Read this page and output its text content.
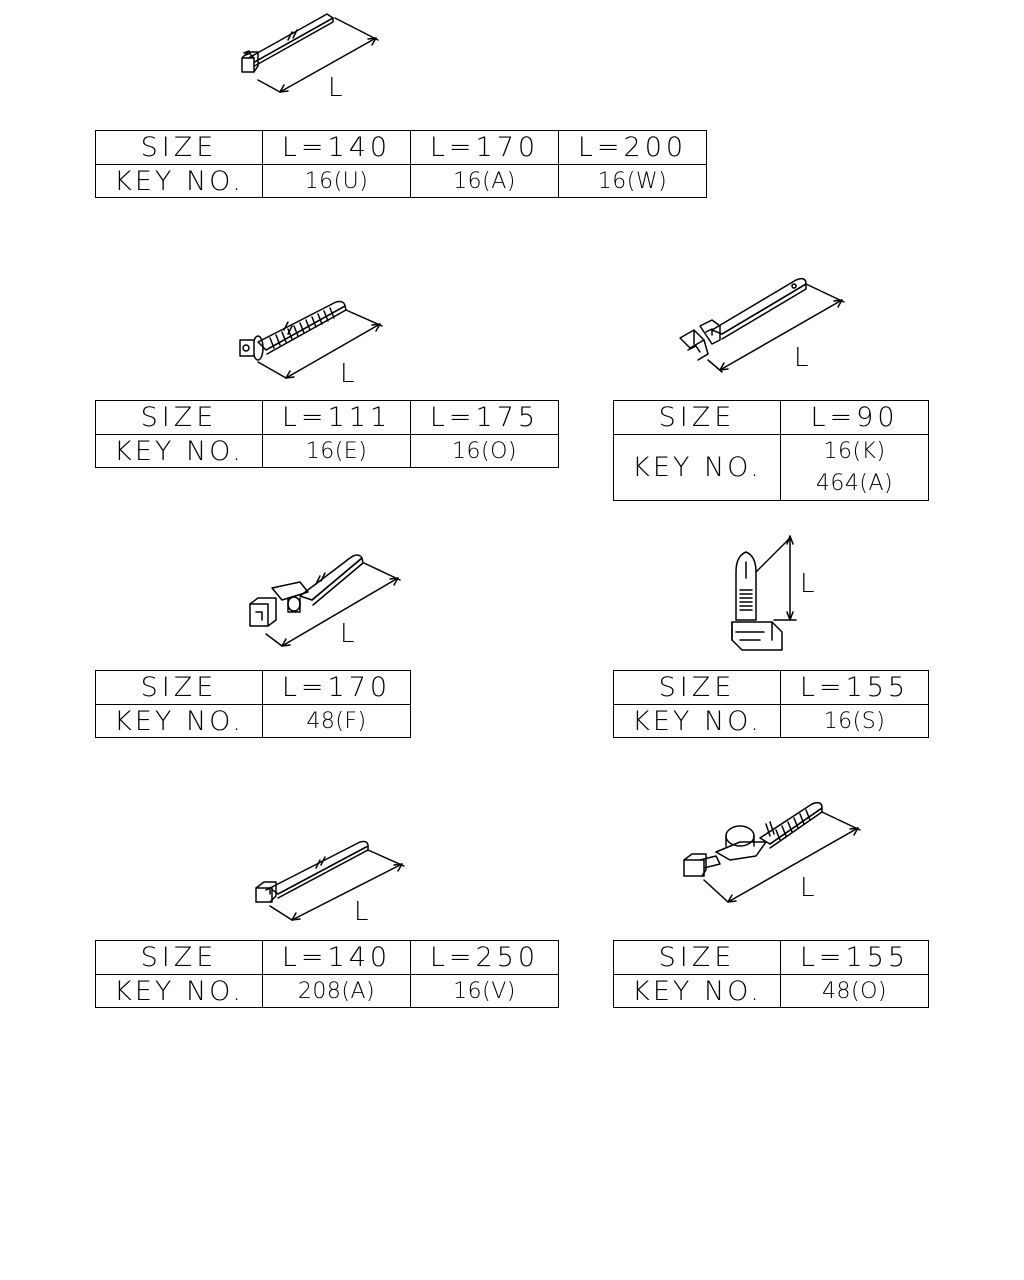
L
L
L
L
L
L
L
SIZE	L=140	L=170	L=200
KEY NO.	16(U)	16(A)	16(W)
SIZE	L=111	L=175
KEY NO.	16(E)	16(O)
SIZE	L=90
KEY NO.	16(K)
464(A)
SIZE	L=170
KEY NO.	48(F)
SIZE	L=155
KEY NO.	16(S)
SIZE	L=140	L=250
KEY NO.	208(A)	16(V)
SIZE	L=155
KEY NO.	48(O)
